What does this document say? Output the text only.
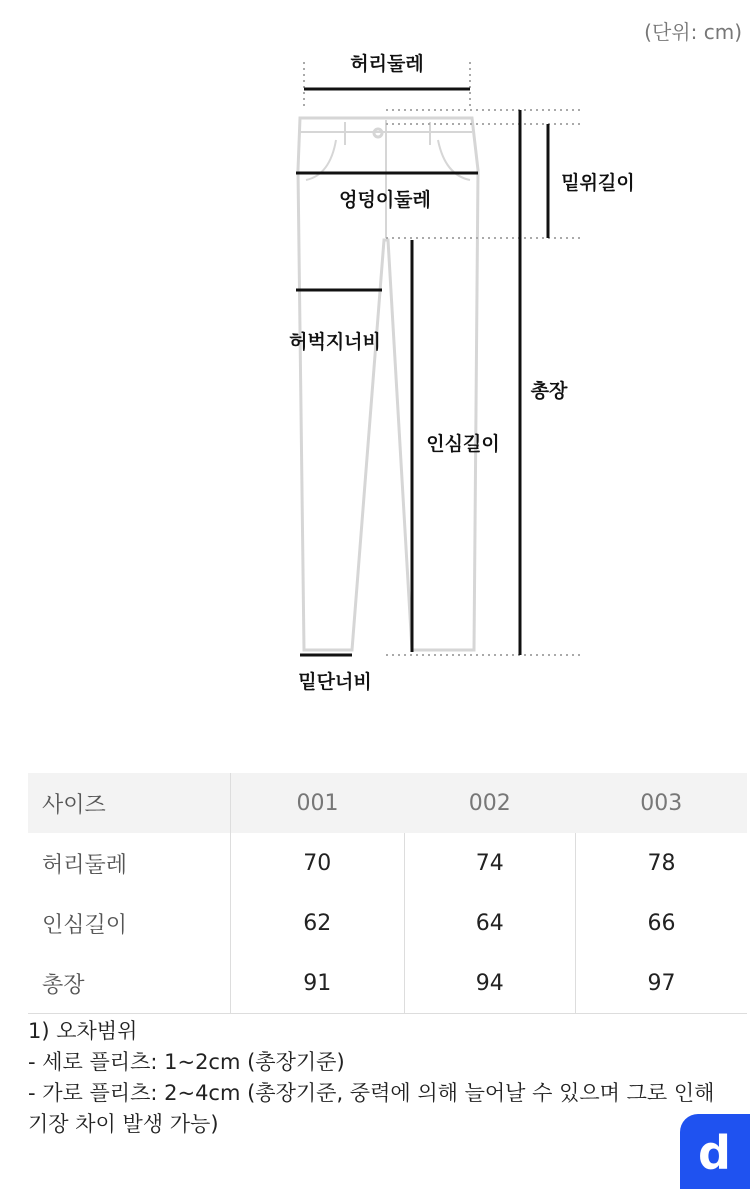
(단위: cm)
허리둘레
밑위길이
엉덩이둘레
허벅지너비
총장
인심길이
밑단너비
사이즈	001	002	003
허리둘레	70	74	78
인심길이	62	64	66
총장	91	94	97
1) 오차범위
- 세로 플리츠: 1~2cm (총장기준)
- 가로 플리츠: 2~4cm (총장기준, 중력에 의해 늘어날 수 있으며 그로 인해
기장 차이 발생 가능)
d
